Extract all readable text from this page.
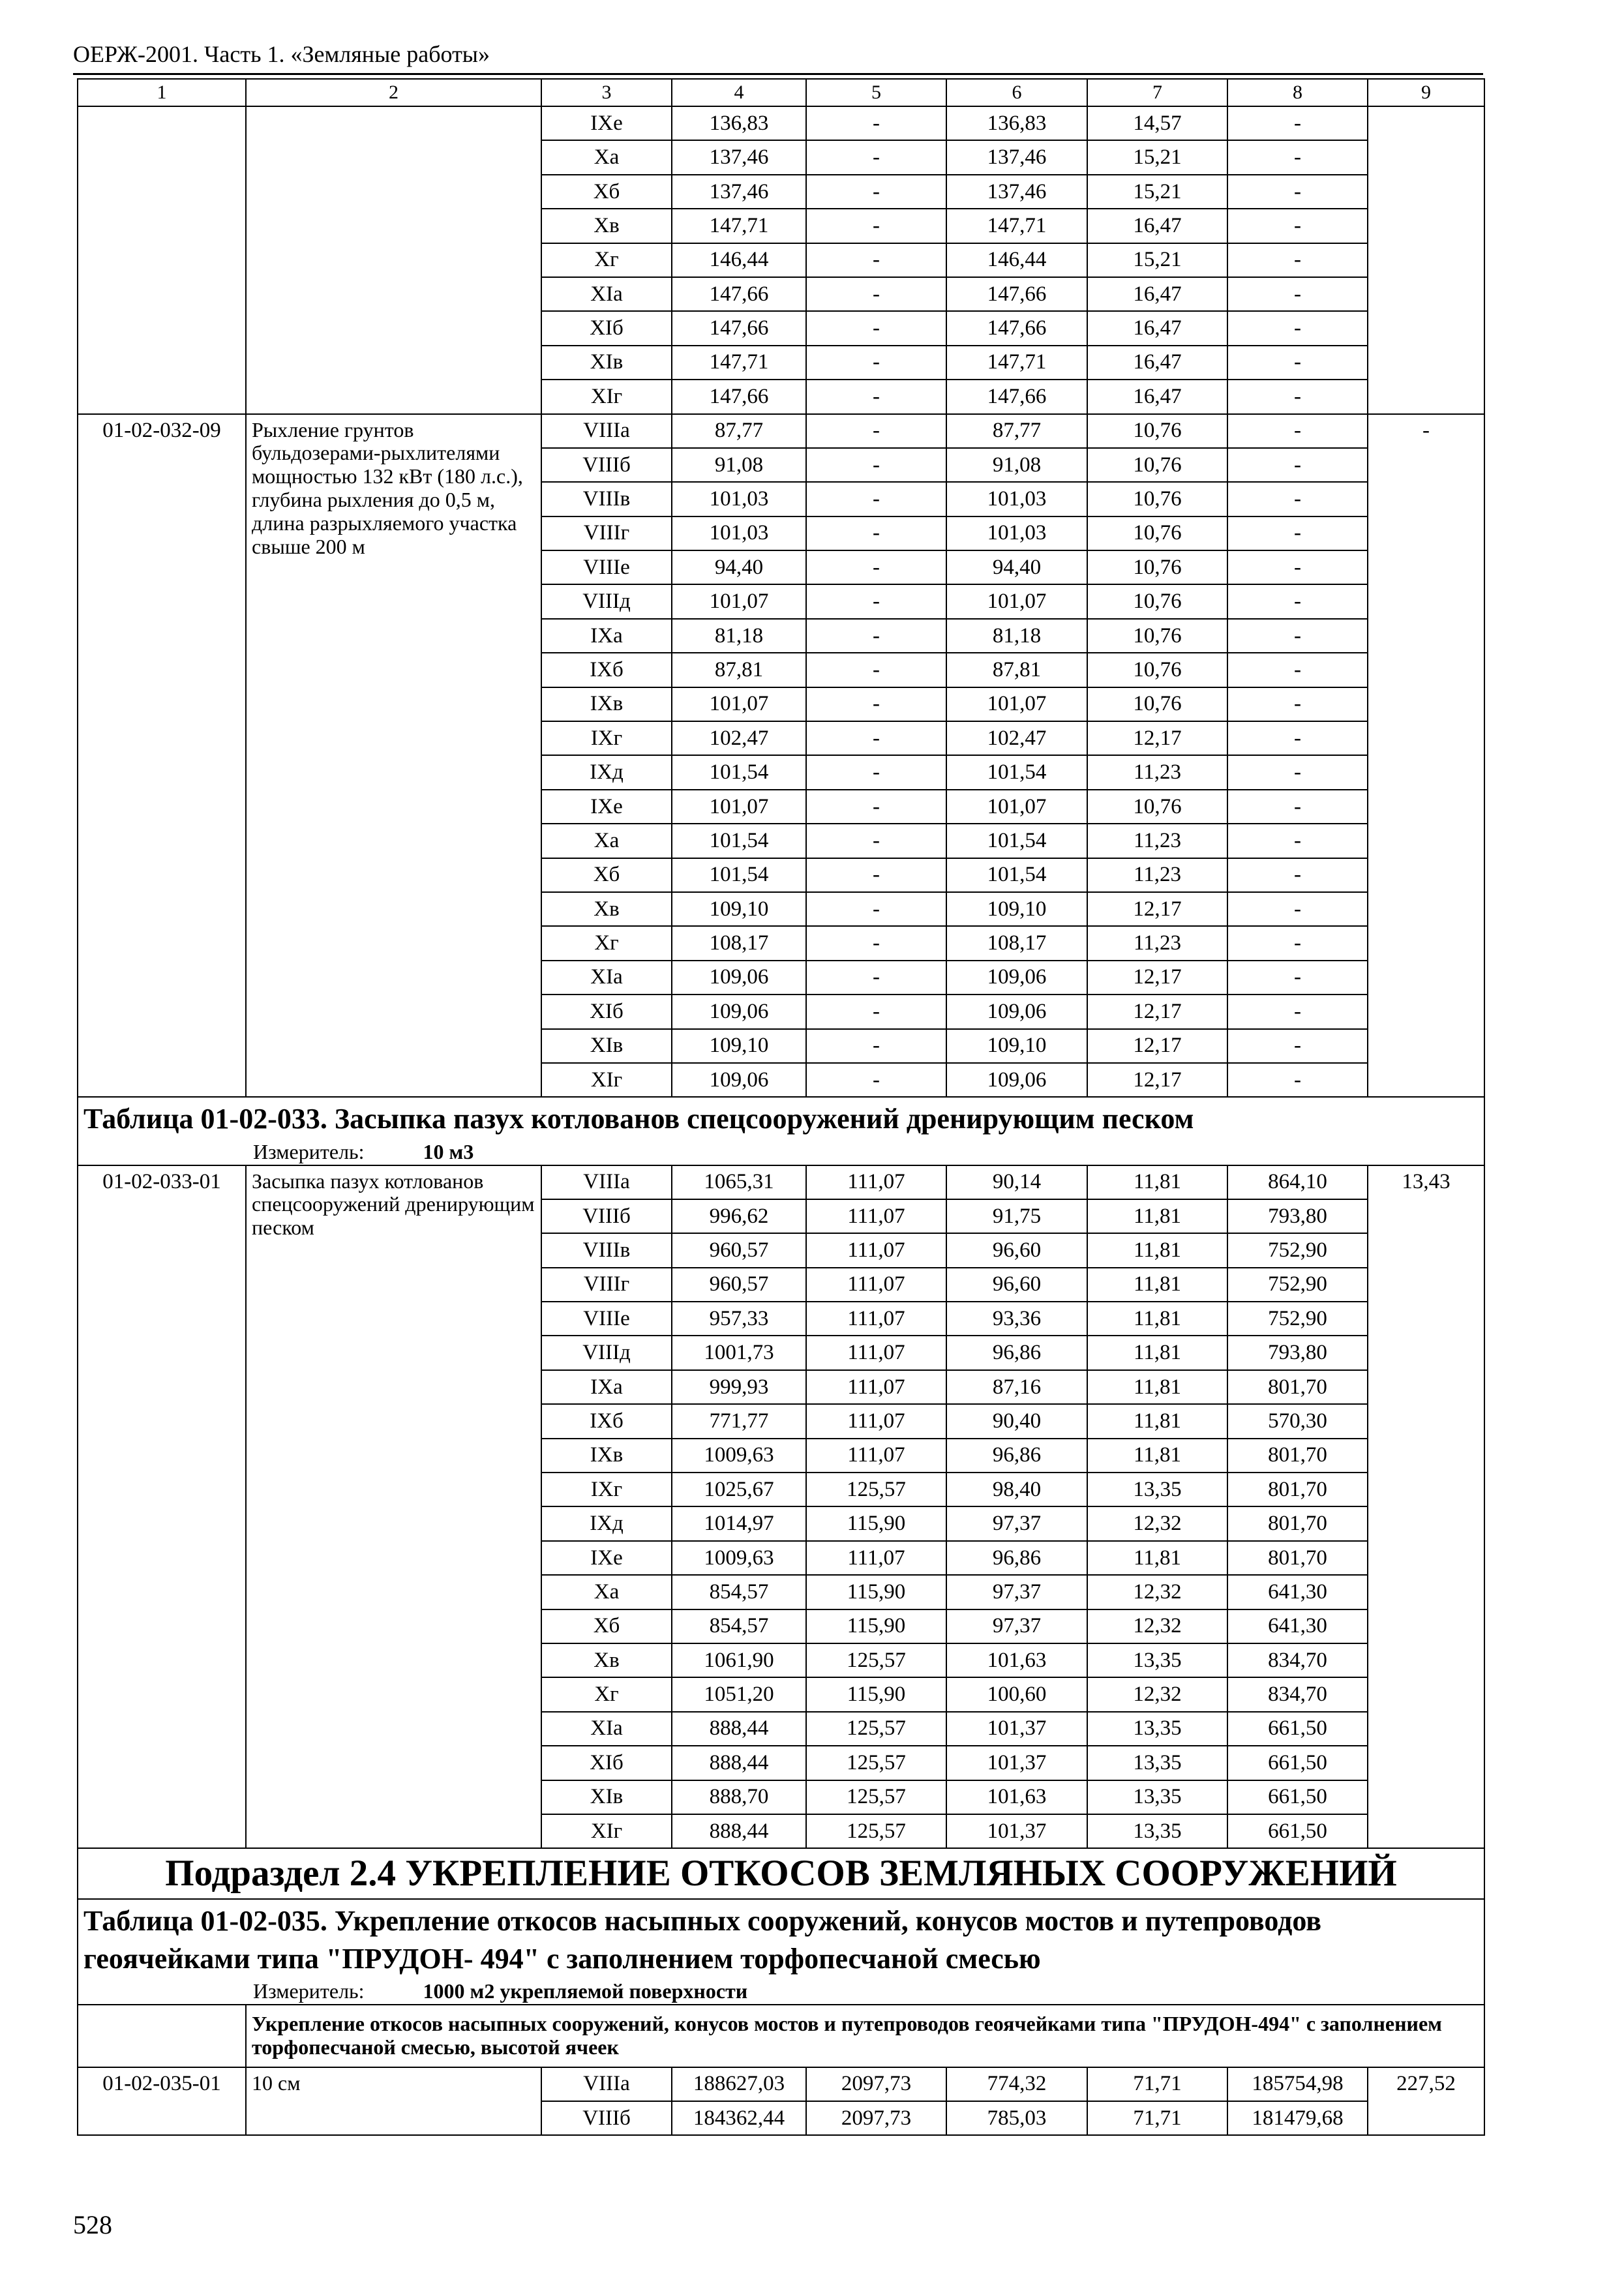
ОЕРЖ-2001. Часть 1. «Земляные работы»
1	2	3	4	5	6	7	8	9
		IXе	136,83	-	136,83	14,57	-	
		Xа	137,46	-	137,46	15,21	-	
		Xб	137,46	-	137,46	15,21	-	
		Xв	147,71	-	147,71	16,47	-	
		Xг	146,44	-	146,44	15,21	-	
		XIа	147,66	-	147,66	16,47	-	
		XIб	147,66	-	147,66	16,47	-	
		XIв	147,71	-	147,71	16,47	-	
		XIг	147,66	-	147,66	16,47	-	
01-02-032-09	Рыхление грунтов бульдозерами-рыхлителями мощностью 132 кВт (180 л.с.), глубина рыхления до 0,5 м, длина разрыхляемого участка свыше 200 м	VIIIа	87,77	-	87,77	10,76	-	-
		VIIIб	91,08	-	91,08	10,76	-	
		VIIIв	101,03	-	101,03	10,76	-	
		VIIIг	101,03	-	101,03	10,76	-	
		VIIIе	94,40	-	94,40	10,76	-	
		VIIIд	101,07	-	101,07	10,76	-	
		IXа	81,18	-	81,18	10,76	-	
		IXб	87,81	-	87,81	10,76	-	
		IXв	101,07	-	101,07	10,76	-	
		IXг	102,47	-	102,47	12,17	-	
		IXд	101,54	-	101,54	11,23	-	
		IXе	101,07	-	101,07	10,76	-	
		Xа	101,54	-	101,54	11,23	-	
		Xб	101,54	-	101,54	11,23	-	
		Xв	109,10	-	109,10	12,17	-	
		Xг	108,17	-	108,17	11,23	-	
		XIа	109,06	-	109,06	12,17	-	
		XIб	109,06	-	109,06	12,17	-	
		XIв	109,10	-	109,10	12,17	-	
		XIг	109,06	-	109,06	12,17	-	
Таблица 01-02-033. Засыпка пазух котлованов спецсооружений дренирующим песком								
Измеритель: 10 м3								
01-02-033-01	Засыпка пазух котлованов спецсооружений дренирующим песком	VIIIа	1065,31	111,07	90,14	11,81	864,10	13,43
		VIIIб	996,62	111,07	91,75	11,81	793,80	
		VIIIв	960,57	111,07	96,60	11,81	752,90	
		VIIIг	960,57	111,07	96,60	11,81	752,90	
		VIIIе	957,33	111,07	93,36	11,81	752,90	
		VIIIд	1001,73	111,07	96,86	11,81	793,80	
		IXа	999,93	111,07	87,16	11,81	801,70	
		IXб	771,77	111,07	90,40	11,81	570,30	
		IXв	1009,63	111,07	96,86	11,81	801,70	
		IXг	1025,67	125,57	98,40	13,35	801,70	
		IXд	1014,97	115,90	97,37	12,32	801,70	
		IXе	1009,63	111,07	96,86	11,81	801,70	
		Xа	854,57	115,90	97,37	12,32	641,30	
		Xб	854,57	115,90	97,37	12,32	641,30	
		Xв	1061,90	125,57	101,63	13,35	834,70	
		Xг	1051,20	115,90	100,60	12,32	834,70	
		XIа	888,44	125,57	101,37	13,35	661,50	
		XIб	888,44	125,57	101,37	13,35	661,50	
		XIв	888,70	125,57	101,63	13,35	661,50	
		XIг	888,44	125,57	101,37	13,35	661,50	
Подраздел 2.4 УКРЕПЛЕНИЕ ОТКОСОВ ЗЕМЛЯНЫХ СООРУЖЕНИЙ								
Таблица 01-02-035. Укрепление откосов насыпных сооружений, конусов мостов и путепроводов геоячейками типа "ПРУДОН- 494" с заполнением торфопесчаной смесью								
Измеритель: 1000 м2 укрепляемой поверхности								
	Укрепление откосов насыпных сооружений, конусов мостов и путепроводов геоячейками типа "ПРУДОН-494" с заполнением торфопесчаной смесью, высотой ячеек							
01-02-035-01	10 см	VIIIа	188627,03	2097,73	774,32	71,71	185754,98	227,52
		VIIIб	184362,44	2097,73	785,03	71,71	181479,68	
528
